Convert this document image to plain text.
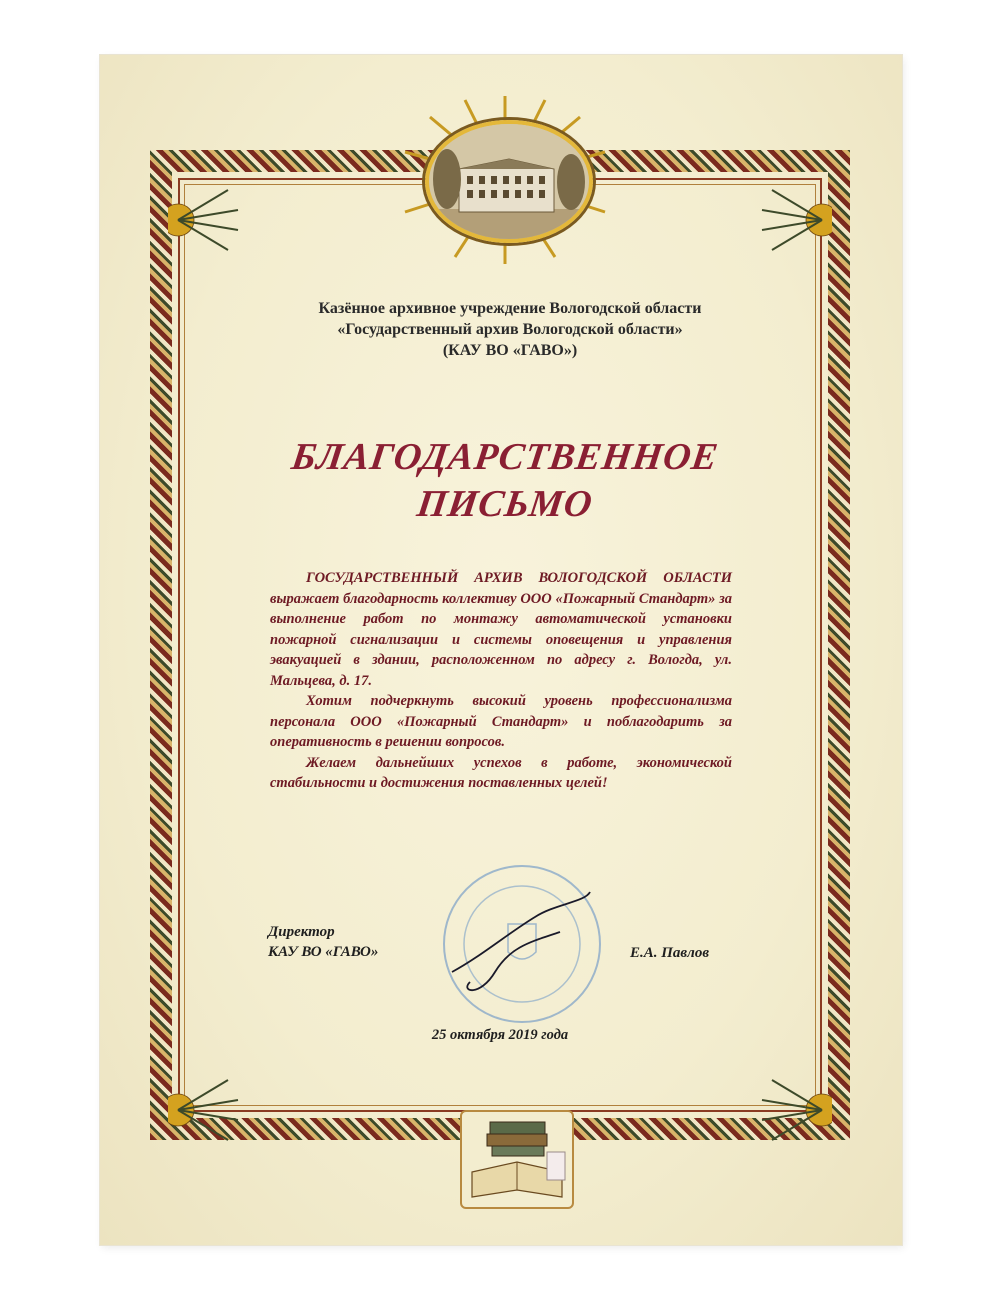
Казённое архивное учреждение Вологодской области
«Государственный архив Вологодской области»
(КАУ ВО «ГАВО»)
БЛАГОДАРСТВЕННОЕ
ПИСЬМО

ГОСУДАРСТВЕННЫЙ АРХИВ ВОЛОГОДСКОЙ ОБЛАСТИ выражает благодарность коллективу ООО «Пожарный Стандарт» за выполнение работ по монтажу автоматической установки пожарной сигнализации и системы оповещения и управления эвакуацией в здании, расположенном по адресу г. Вологда, ул. Мальцева, д. 17.

Хотим подчеркнуть высокий уровень профессионализма персонала ООО «Пожарный Стандарт» и поблагодарить за оперативность в решении вопросов.

Желаем дальнейших успехов в работе, экономической стабильности и достижения поставленных целей!

Директор
КАУ ВО «ГАВО»	Е.А. Павлов
25 октября 2019 года
